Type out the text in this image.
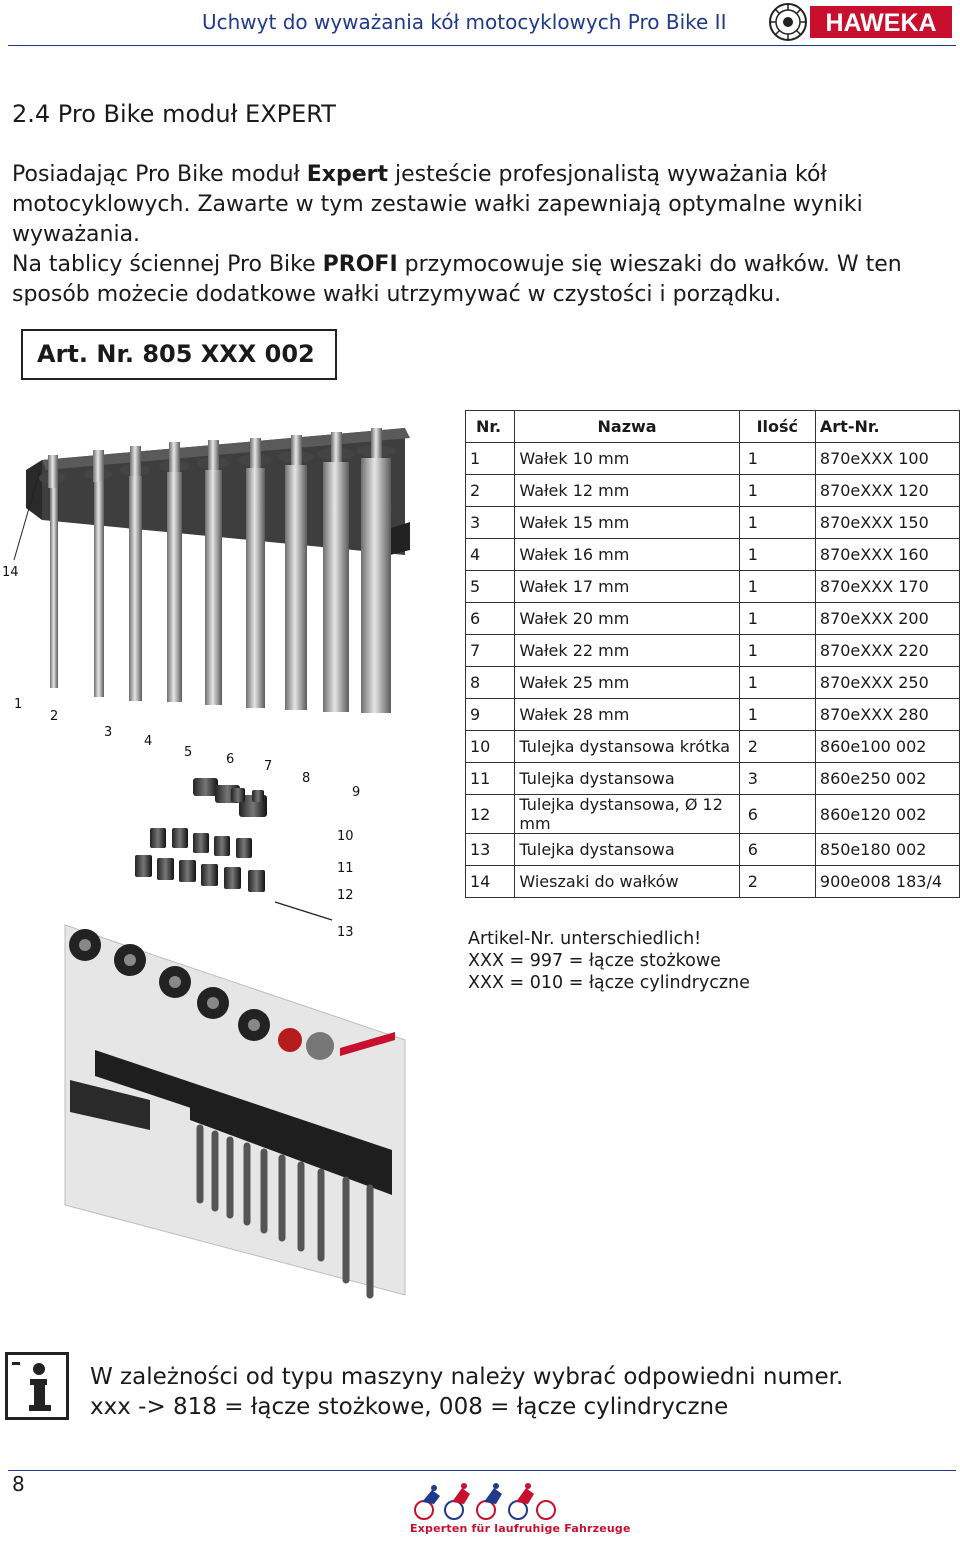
Uchwyt do wyważania kół motocyklowych Pro Bike II	HAWEKA
2.4 Pro Bike moduł EXPERT

Posiadając Pro Bike moduł Expert jesteście profesjonalistą wyważania kół motocyklowych. Zawarte w tym zestawie wałki zapewniają optymalne wyniki wyważania.

Na tablicy ściennej Pro Bike PROFI przymocowuje się wieszaki do wałków. W ten sposób możecie dodatkowe wałki utrzymywać w czystości i porządku.

Art. Nr. 805 XXX 002
14
1
2
3
4
5	6 7
8
9
10
11
12
13
Nr.	Nazwa	Ilość	Art-Nr.
1	Wałek 10 mm	1	870eXXX 100
2	Wałek 12 mm	1	870eXXX 120
3	Wałek 15 mm	1	870eXXX 150
4	Wałek 16 mm	1	870eXXX 160
5	Wałek 17 mm	1	870eXXX 170
6	Wałek 20 mm	1	870eXXX 200
7	Wałek 22 mm	1	870eXXX 220
8	Wałek 25 mm	1	870eXXX 250
9	Wałek 28 mm	1	870eXXX 280
10	Tulejka dystansowa krótka	2	860e100 002
11	Tulejka dystansowa	3	860e250 002
12	Tulejka dystansowa, Ø 12 mm	6	860e120 002
13	Tulejka dystansowa	6	850e180 002
14	Wieszaki do wałków	2	900e008 183/4
Artikel-Nr. unterschiedlich!
XXX = 997 = łącze stożkowe
XXX = 010 = łącze cylindryczne
W zależności od typu maszyny należy wybrać odpowiedni numer.
xxx -> 818 = łącze stożkowe, 008 = łącze cylindryczne
8
Experten für laufruhige Fahrzeuge
